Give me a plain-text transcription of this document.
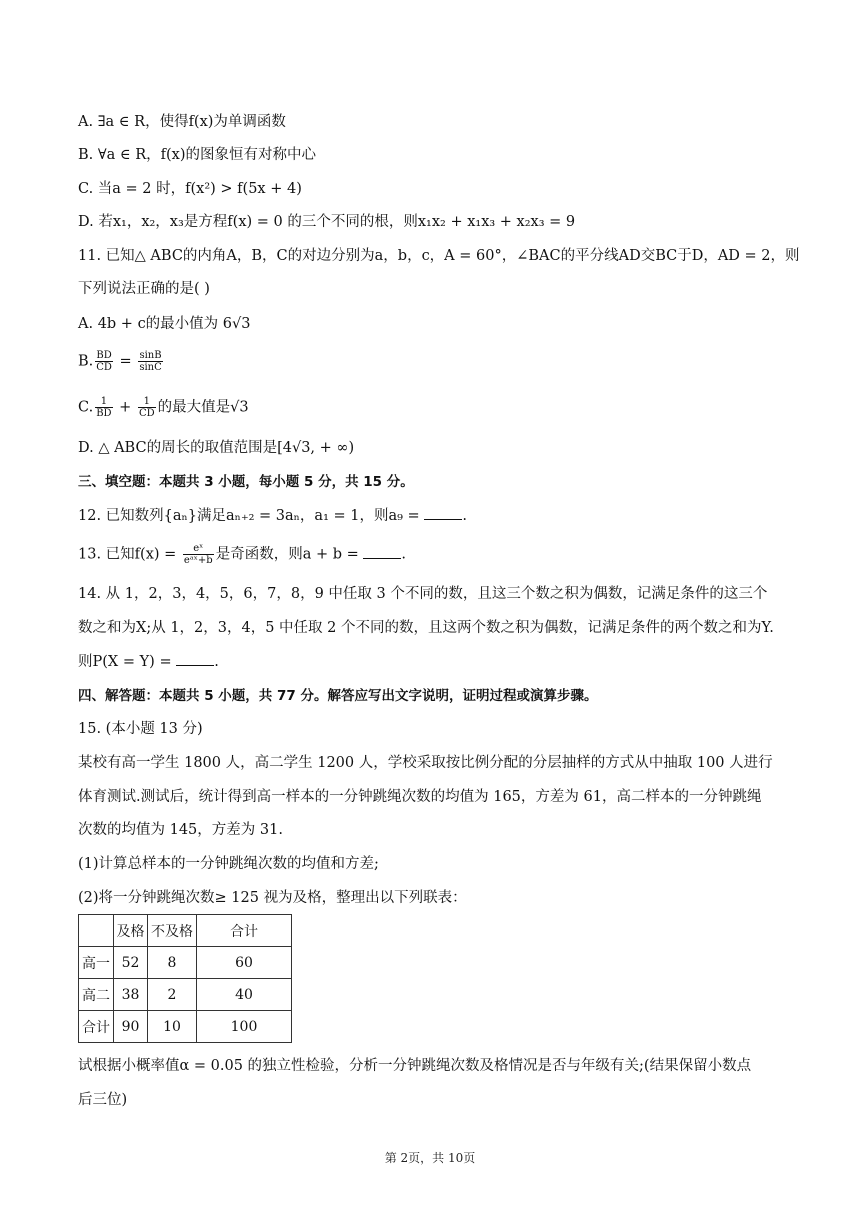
A. ∃a ∈ R，使得f(x)为单调函数
B. ∀a ∈ R，f(x)的图象恒有对称中心
C. 当a = 2 时，f(x²) > f(5x + 4)
D. 若x₁，x₂，x₃是方程f(x) = 0 的三个不同的根，则x₁x₂ + x₁x₃ + x₂x₃ = 9
11. 已知△ ABC的内角A，B，C的对边分别为a，b，c，A = 60°，∠BAC的平分线AD交BC于D，AD = 2，则
下列说法正确的是( )
A. 4b + c的最小值为 6√3
B. $\frac{BD}{CD} = \frac{\sin B}{\sin C}$
C. $\frac{1}{BD} + \frac{1}{CD}$ 的最大值是√3
D. △ ABC的周长的取值范围是[4√3, + ∞)
三、填空题：本题共 3 小题，每小题 5 分，共 15 分。
12. 已知数列{aₙ}满足aₙ₊₂ = 3aₙ，a₁ = 1，则a₉ =	.
13. 已知$f(x) = \frac{\text{eˣ}}{\text{eᵃˣ+b}}$ 是奇函数，则a + b =	.
14. 从 1，2，3，4，5，6，7，8，9 中任取 3 个不同的数，且这三个数之积为偶数，记满足条件的这三个
数之和为X;从 1，2，3，4，5 中任取 2 个不同的数，且这两个数之积为偶数，记满足条件的两个数之和为Y.
则P(X = Y) =	.
四、解答题：本题共 5 小题，共 77 分。解答应写出文字说明，证明过程或演算步骤。
15. (本小题 13 分)
某校有高一学生 1800 人，高二学生 1200 人，学校采取按比例分配的分层抽样的方式从中抽取 100 人进行
体育测试.测试后，统计得到高一样本的一分钟跳绳次数的均值为 165，方差为 61，高二样本的一分钟跳绳
次数的均值为 145，方差为 31.
(1)计算总样本的一分钟跳绳次数的均值和方差;
(2)将一分钟跳绳次数≥ 125 视为及格，整理出以下列联表：
	及格	不及格	合计
高一	52	8	60
高二	38	2	40
合计	90	10	100
试根据小概率值α = 0.05 的独立性检验，分析一分钟跳绳次数及格情况是否与年级有关;(结果保留小数点
后三位)
第 2页，共 10页
